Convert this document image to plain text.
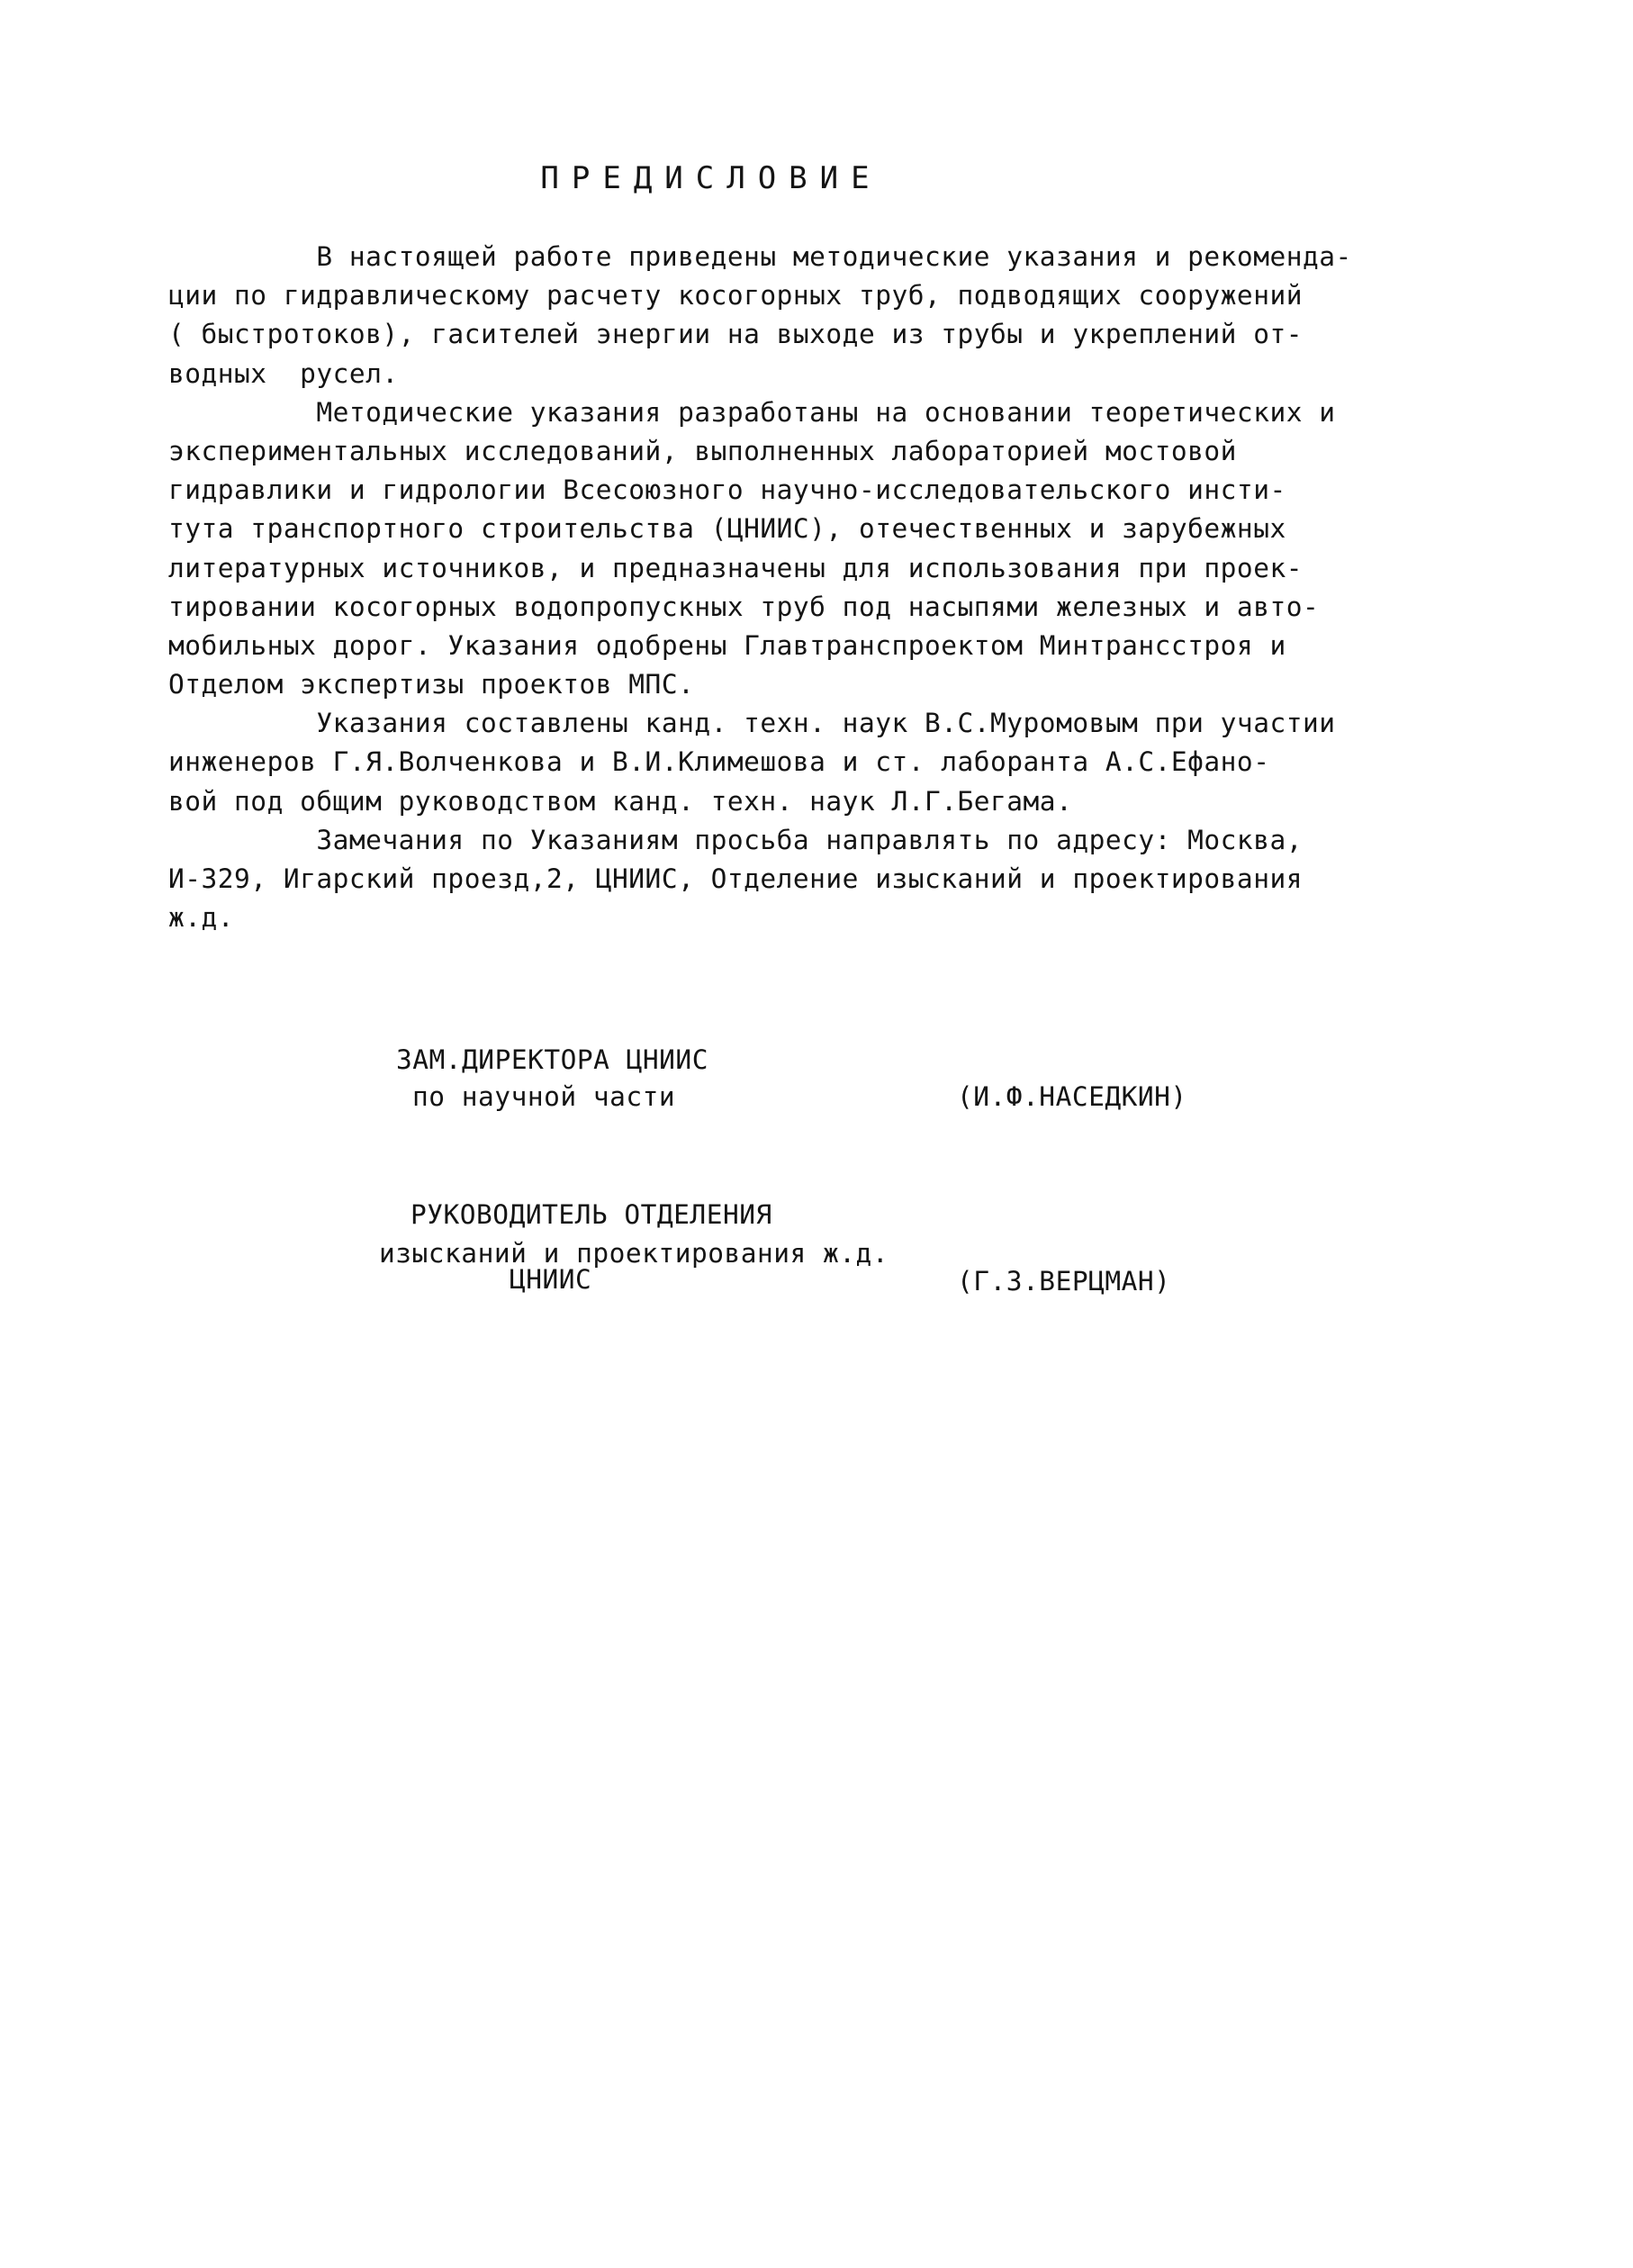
ПРЕДИСЛОВИЕ
В настоящей работе приведены методические указания и рекоменда-
ции по гидравлическому расчету косогорных труб, подводящих сооружений
( быстротоков), гасителей энергии на выходе из трубы и укреплений от-
водных  русел.
Методические указания разработаны на основании теоретических и
экспериментальных исследований, выполненных лабораторией мостовой
гидравлики и гидрологии Всесоюзного научно-исследовательского инсти-
тута транспортного строительства (ЦНИИС), отечественных и зарубежных
литературных источников, и предназначены для использования при проек-
тировании косогорных водопропускных труб под насыпями железных и авто-
мобильных дорог. Указания одобрены Главтранспроектом Минтрансстроя и
Отделом экспертизы проектов МПС.
Указания составлены канд. техн. наук В.С.Муромовым при участии
инженеров Г.Я.Волченкова и В.И.Климешова и ст. лаборанта А.С.Ефано-
вой под общим руководством канд. техн. наук Л.Г.Бегама.
Замечания по Указаниям просьба направлять по адресу: Москва,
И-329, Игарский проезд,2, ЦНИИС, Отделение изысканий и проектирования
ж.д.
ЗАМ.ДИРЕКТОРА ЦНИИС
по научной части	(И.Ф.НАСЕДКИН)
РУКОВОДИТЕЛЬ ОТДЕЛЕНИЯ
изысканий и проектирования ж.д.
ЦНИИС	(Г.З.ВЕРЦМАН)
